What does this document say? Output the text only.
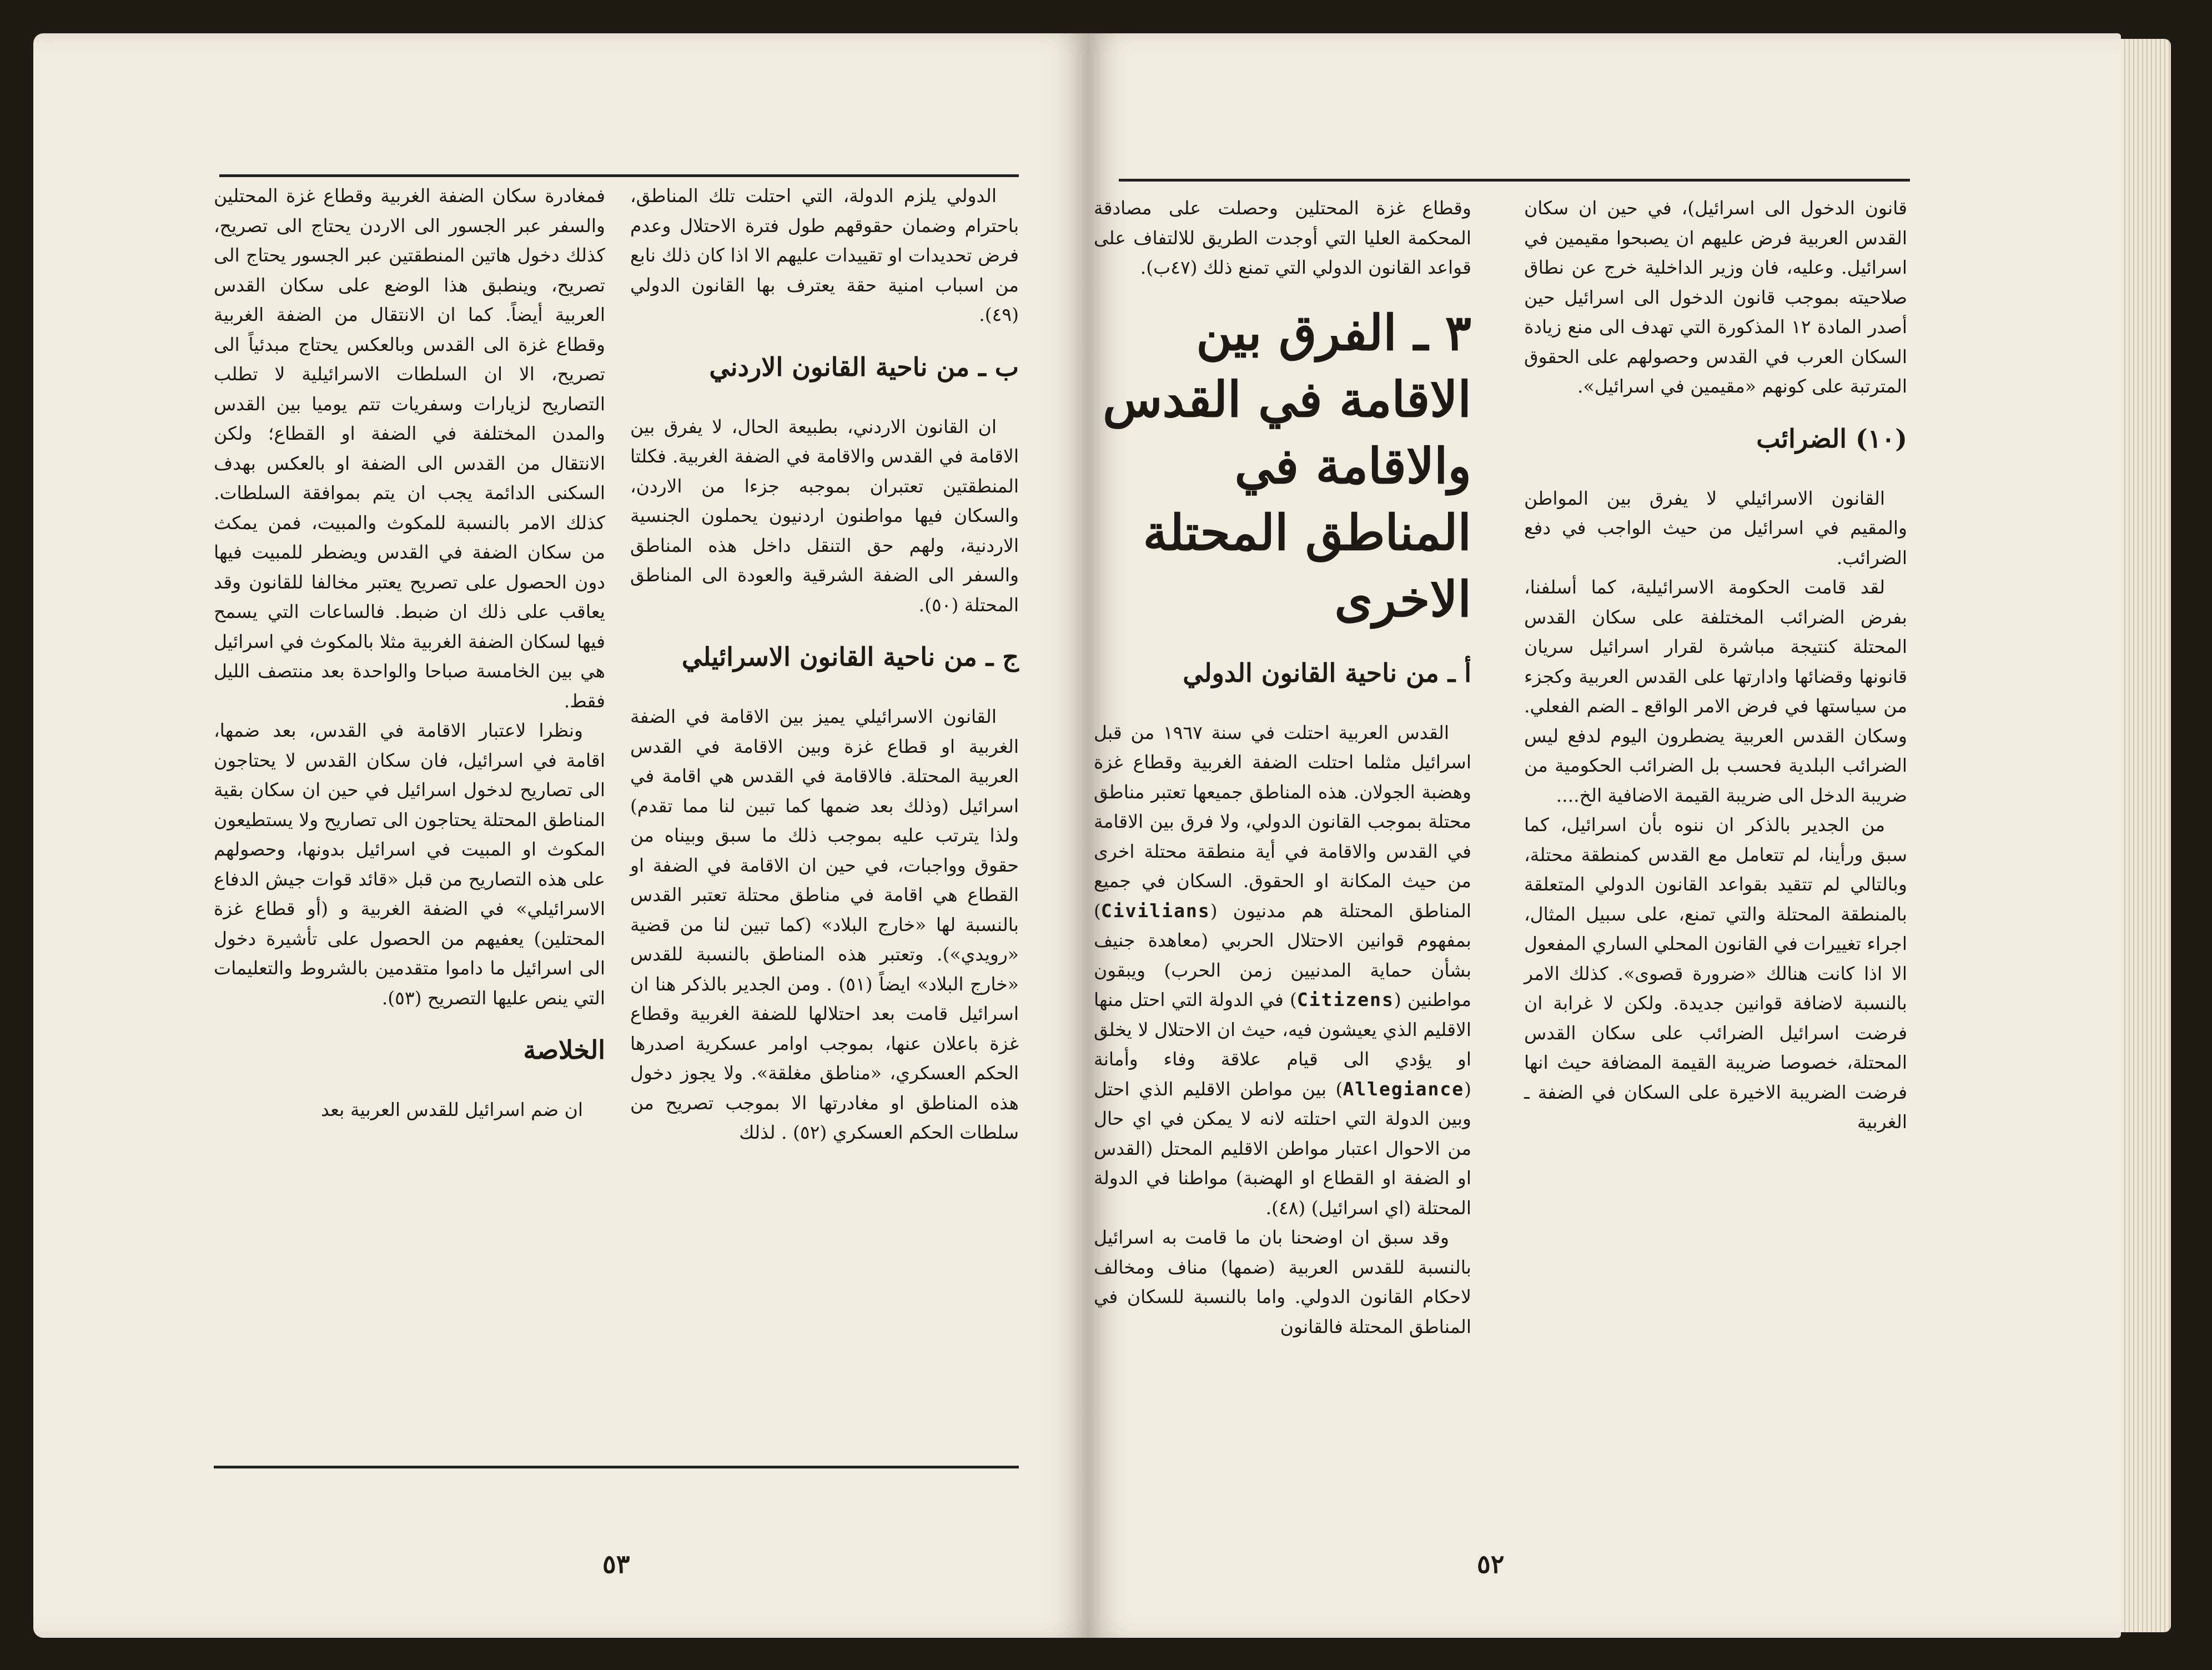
الدولي يلزم الدولة، التي احتلت تلك المناطق، باحترام وضمان حقوقهم طول فترة الاحتلال وعدم فرض تحديدات او تقييدات عليهم الا اذا كان ذلك نابع من اسباب امنية حقة يعترف بها القانون الدولي (٤٩).

ب ـ من ناحية القانون الاردني

ان القانون الاردني، بطبيعة الحال، لا يفرق بين الاقامة في القدس والاقامة في الضفة الغربية. فكلتا المنطقتين تعتبران بموجبه جزءا من الاردن، والسكان فيها مواطنون اردنيون يحملون الجنسية الاردنية، ولهم حق التنقل داخل هذه المناطق والسفر الى الضفة الشرقية والعودة الى المناطق المحتلة (٥٠).

ج ـ من ناحية القانون الاسرائيلي

القانون الاسرائيلي يميز بين الاقامة في الضفة الغربية او قطاع غزة وبين الاقامة في القدس العربية المحتلة. فالاقامة في القدس هي اقامة في اسرائيل (وذلك بعد ضمها كما تبين لنا مما تقدم) ولذا يترتب عليه بموجب ذلك ما سبق وبيناه من حقوق وواجبات، في حين ان الاقامة في الضفة او القطاع هي اقامة في مناطق محتلة تعتبر القدس بالنسبة لها «خارج البلاد» (كما تبين لنا من قضية «رويدي»). وتعتبر هذه المناطق بالنسبة للقدس «خارج البلاد» ايضاً (٥١) . ومن الجدير بالذكر هنا ان اسرائيل قامت بعد احتلالها للضفة الغربية وقطاع غزة باعلان عنها، بموجب اوامر عسكرية اصدرها الحكم العسكري، «مناطق مغلقة». ولا يجوز دخول هذه المناطق او مغادرتها الا بموجب تصريح من سلطات الحكم العسكري (٥٢) . لذلك

فمغادرة سكان الضفة الغربية وقطاع غزة المحتلين والسفر عبر الجسور الى الاردن يحتاج الى تصريح، كذلك دخول هاتين المنطقتين عبر الجسور يحتاج الى تصريح، وينطبق هذا الوضع على سكان القدس العربية أيضاً. كما ان الانتقال من الضفة الغربية وقطاع غزة الى القدس وبالعكس يحتاج مبدئياً الى تصريح، الا ان السلطات الاسرائيلية لا تطلب التصاريح لزيارات وسفريات تتم يوميا بين القدس والمدن المختلفة في الضفة او القطاع؛ ولكن الانتقال من القدس الى الضفة او بالعكس بهدف السكنى الدائمة يجب ان يتم بموافقة السلطات. كذلك الامر بالنسبة للمكوث والمبيت، فمن يمكث من سكان الضفة في القدس ويضطر للمبيت فيها دون الحصول على تصريح يعتبر مخالفا للقانون وقد يعاقب على ذلك ان ضبط. فالساعات التي يسمح فيها لسكان الضفة الغربية مثلا بالمكوث في اسرائيل هي بين الخامسة صباحا والواحدة بعد منتصف الليل فقط.

ونظرا لاعتبار الاقامة في القدس، بعد ضمها، اقامة في اسرائيل، فان سكان القدس لا يحتاجون الى تصاريح لدخول اسرائيل في حين ان سكان بقية المناطق المحتلة يحتاجون الى تصاريح ولا يستطيعون المكوث او المبيت في اسرائيل بدونها، وحصولهم على هذه التصاريح من قبل «قائد قوات جيش الدفاع الاسرائيلي» في الضفة الغربية و (أو قطاع غزة المحتلين) يعفيهم من الحصول على تأشيرة دخول الى اسرائيل ما داموا متقدمين بالشروط والتعليمات التي ينص عليها التصريح (٥٣).

الخلاصة

ان ضم اسرائيل للقدس العربية بعد

٥٣

قانون الدخول الى اسرائيل)، في حين ان سكان القدس العربية فرض عليهم ان يصبحوا مقيمين في اسرائيل. وعليه، فان وزير الداخلية خرج عن نطاق صلاحيته بموجب قانون الدخول الى اسرائيل حين أصدر المادة ١٢ المذكورة التي تهدف الى منع زيادة السكان العرب في القدس وحصولهم على الحقوق المترتبة على كونهم «مقيمين في اسرائيل».

(١٠) الضرائب

القانون الاسرائيلي لا يفرق بين المواطن والمقيم في اسرائيل من حيث الواجب في دفع الضرائب.

لقد قامت الحكومة الاسرائيلية، كما أسلفنا، بفرض الضرائب المختلفة على سكان القدس المحتلة كنتيجة مباشرة لقرار اسرائيل سريان قانونها وقضائها وادارتها على القدس العربية وكجزء من سياستها في فرض الامر الواقع ـ الضم الفعلي. وسكان القدس العربية يضطرون اليوم لدفع ليس الضرائب البلدية فحسب بل الضرائب الحكومية من ضريبة الدخل الى ضريبة القيمة الاضافية الخ....

من الجدير بالذكر ان ننوه بأن اسرائيل، كما سبق ورأينا، لم تتعامل مع القدس كمنطقة محتلة، وبالتالي لم تتقيد بقواعد القانون الدولي المتعلقة بالمنطقة المحتلة والتي تمنع، على سبيل المثال، اجراء تغييرات في القانون المحلي الساري المفعول الا اذا كانت هنالك «ضرورة قصوى». كذلك الامر بالنسبة لاضافة قوانين جديدة. ولكن لا غرابة ان فرضت اسرائيل الضرائب على سكان القدس المحتلة، خصوصا ضريبة القيمة المضافة حيث انها فرضت الضريبة الاخيرة على السكان في الضفة ـ الغربية

وقطاع غزة المحتلين وحصلت على مصادقة المحكمة العليا التي أوجدت الطريق للالتفاف على قواعد القانون الدولي التي تمنع ذلك (٤٧ب).

٣ ـ الفرق بين الاقامة في القدس والاقامة في المناطق المحتلة الاخرى
أ ـ من ناحية القانون الدولي

القدس العربية احتلت في سنة ١٩٦٧ من قبل اسرائيل مثلما احتلت الضفة الغربية وقطاع غزة وهضبة الجولان. هذه المناطق جميعها تعتبر مناطق محتلة بموجب القانون الدولي، ولا فرق بين الاقامة في القدس والاقامة في أية منطقة محتلة اخرى من حيث المكانة او الحقوق. السكان في جميع المناطق المحتلة هم مدنيون (Civilians) بمفهوم قوانين الاحتلال الحربي (معاهدة جنيف بشأن حماية المدنيين زمن الحرب) ويبقون مواطنين (Citizens) في الدولة التي احتل منها الاقليم الذي يعيشون فيه، حيث ان الاحتلال لا يخلق او يؤدي الى قيام علاقة وفاء وأمانة (Allegiance) بين مواطن الاقليم الذي احتل وبين الدولة التي احتلته لانه لا يمكن في اي حال من الاحوال اعتبار مواطن الاقليم المحتل (القدس او الضفة او القطاع او الهضبة) مواطنا في الدولة المحتلة (اي اسرائيل) (٤٨).

وقد سبق ان اوضحنا بان ما قامت به اسرائيل بالنسبة للقدس العربية (ضمها) مناف ومخالف لاحكام القانون الدولي. واما بالنسبة للسكان في المناطق المحتلة فالقانون

٥٢
